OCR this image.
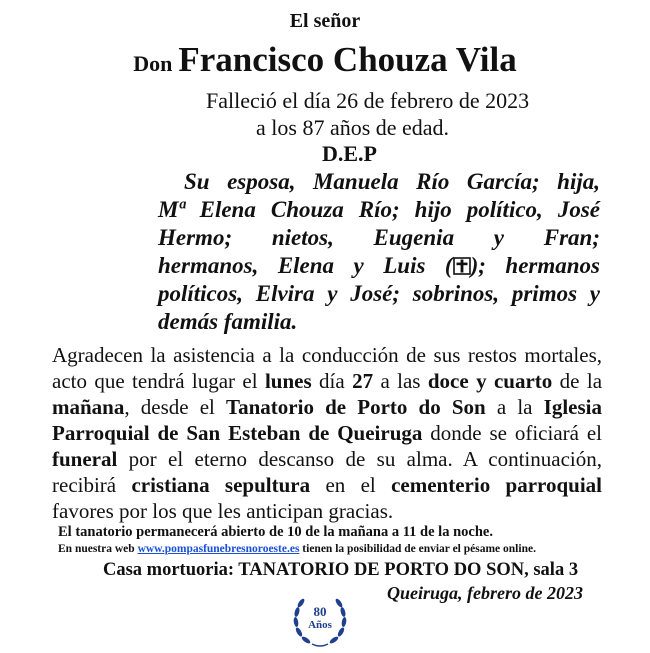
El señor
Don Francisco Chouza Vila
Falleció el día 26 de febrero de 2023
a los 87 años de edad.
D.E.P
Su esposa, Manuela Río García; hija,
Mª Elena Chouza Río; hijo político, José
Hermo; nietos, Eugenia y Fran;
hermanos, Elena y Luis ( ); hermanos
políticos, Elvira y José; sobrinos, primos y
demás familia.
Agradecen la asistencia a la conducción de sus restos mortales,
acto que tendrá lugar el lunes día 27 a las doce y cuarto de la
mañana, desde el Tanatorio de Porto do Son a la Iglesia
Parroquial de San Esteban de Queiruga donde se oficiará el
funeral por el eterno descanso de su alma. A continuación,
recibirá cristiana sepultura en el cementerio parroquial
favores por los que les anticipan gracias.
El tanatorio permanecerá abierto de 10 de la mañana a 11 de la noche.
En nuestra web www.pompasfunebresnoroeste.es tienen la posibilidad de enviar el pésame online.
Casa mortuoria: TANATORIO DE PORTO DO SON, sala 3
Queiruga, febrero de 2023
80
Años
